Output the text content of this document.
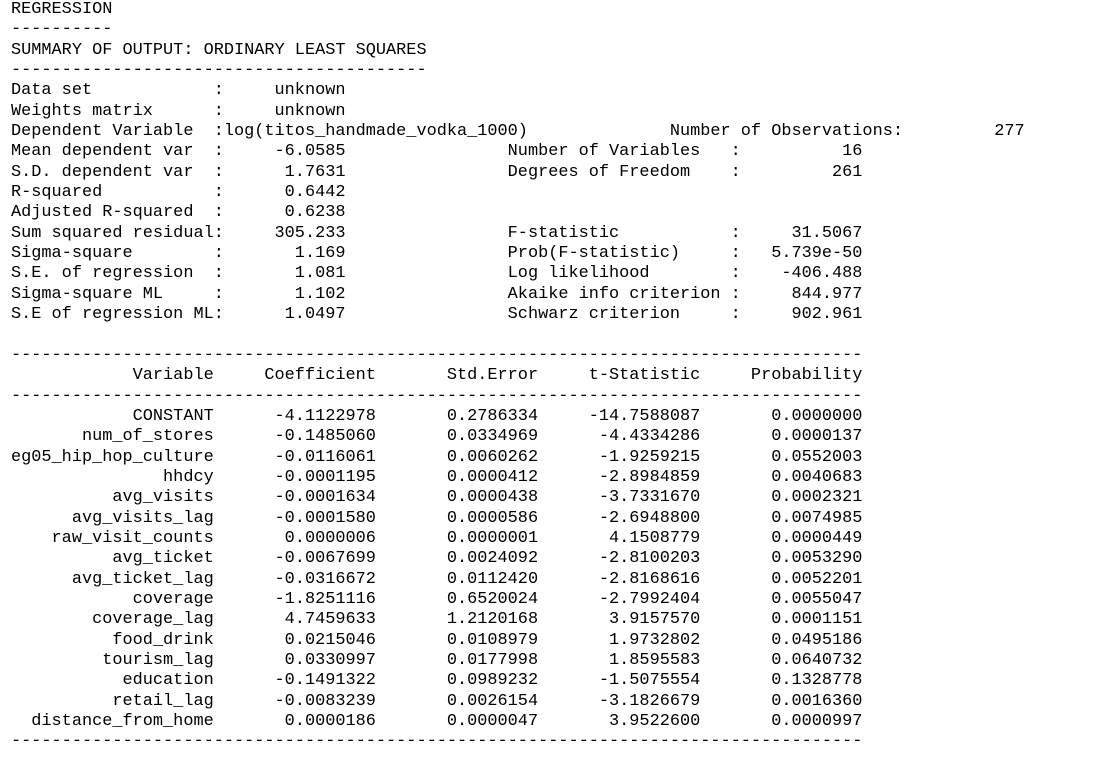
REGRESSION
----------
SUMMARY OF OUTPUT: ORDINARY LEAST SQUARES
-----------------------------------------
Data set            :     unknown
Weights matrix      :     unknown
Dependent Variable  :log(titos_handmade_vodka_1000)              Number of Observations:         277
Mean dependent var  :     -6.0585                Number of Variables   :          16
S.D. dependent var  :      1.7631                Degrees of Freedom    :         261
R-squared           :      0.6442
Adjusted R-squared  :      0.6238
Sum squared residual:     305.233                F-statistic           :     31.5067
Sigma-square        :       1.169                Prob(F-statistic)     :   5.739e-50
S.E. of regression  :       1.081                Log likelihood        :    -406.488
Sigma-square ML     :       1.102                Akaike info criterion :     844.977
S.E of regression ML:      1.0497                Schwarz criterion     :     902.961
------------------------------------------------------------------------------------
Variable     Coefficient       Std.Error     t-Statistic     Probability
------------------------------------------------------------------------------------
CONSTANT      -4.1122978       0.2786334     -14.7588087       0.0000000
num_of_stores      -0.1485060       0.0334969      -4.4334286       0.0000137
eg05_hip_hop_culture      -0.0116061       0.0060262      -1.9259215       0.0552003
hhdcy      -0.0001195       0.0000412      -2.8984859       0.0040683
avg_visits      -0.0001634       0.0000438      -3.7331670       0.0002321
avg_visits_lag      -0.0001580       0.0000586      -2.6948800       0.0074985
raw_visit_counts       0.0000006       0.0000001       4.1508779       0.0000449
avg_ticket      -0.0067699       0.0024092      -2.8100203       0.0053290
avg_ticket_lag      -0.0316672       0.0112420      -2.8168616       0.0052201
coverage      -1.8251116       0.6520024      -2.7992404       0.0055047
coverage_lag       4.7459633       1.2120168       3.9157570       0.0001151
food_drink       0.0215046       0.0108979       1.9732802       0.0495186
tourism_lag       0.0330997       0.0177998       1.8595583       0.0640732
education      -0.1491322       0.0989232      -1.5075554       0.1328778
retail_lag      -0.0083239       0.0026154      -3.1826679       0.0016360
distance_from_home       0.0000186       0.0000047       3.9522600       0.0000997
------------------------------------------------------------------------------------
